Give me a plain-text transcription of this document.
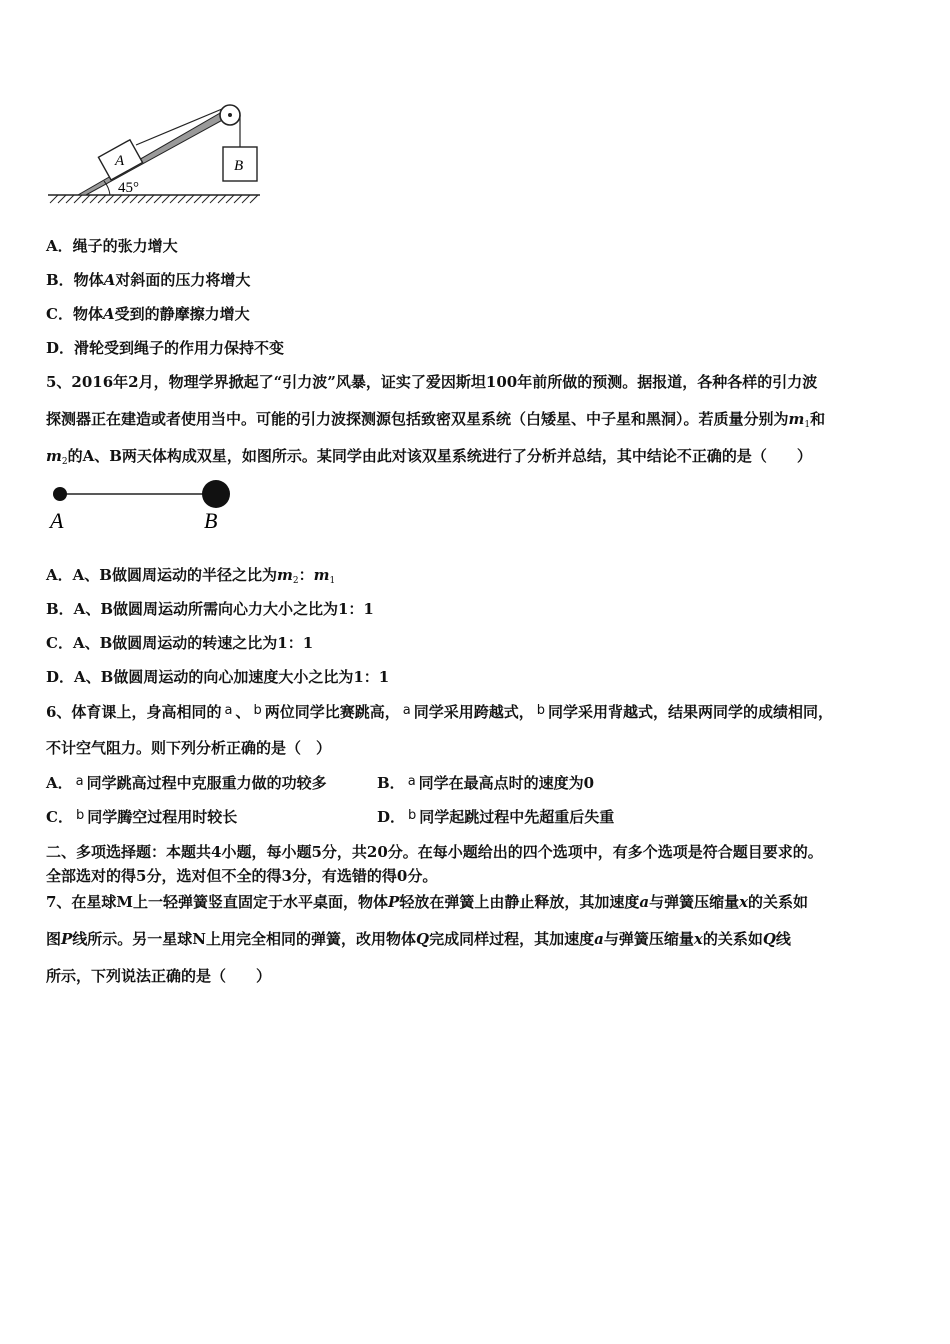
45°
A	B
A．绳子的张力增大
B．物体A对斜面的压力将增大
C．物体A受到的静摩擦力增大
D．滑轮受到绳子的作用力保持不变
5、2016年2月，物理学界掀起了“引力波”风暴，证实了爱因斯坦100年前所做的预测。据报道，各种各样的引力波
探测器正在建造或者使用当中。可能的引力波探测源包括致密双星系统（白矮星、中子星和黑洞）。若质量分别为$m_1$和
$m_2$的A、B两天体构成双星，如图所示。某同学由此对该双星系统进行了分析并总结，其中结论不正确的是（　　）
A	B
A．A、B做圆周运动的半径之比为$m_2$：$m_1$
B．A、B做圆周运动所需向心力大小之比为1：1
C．A、B做圆周运动的转速之比为1：1
D．A、B做圆周运动的向心加速度大小之比为1：1
6、体育课上，身高相同的 a 、 b 两位同学比赛跳高， a 同学采用跨越式， b 同学采用背越式，结果两同学的成绩相同，
不计空气阻力。则下列分析正确的是（　）
A． a 同学跳高过程中克服重力做的功较多	B． a 同学在最高点时的速度为0
C． b 同学腾空过程用时较长	D． b 同学起跳过程中先超重后失重
二、多项选择题：本题共4小题，每小题5分，共20分。在每小题给出的四个选项中，有多个选项是符合题目要求的。
全部选对的得5分，选对但不全的得3分，有选错的得0分。
7、在星球M上一轻弹簧竖直固定于水平桌面，物体P轻放在弹簧上由静止释放，其加速度a与弹簧压缩量x的关系如
图P线所示。另一星球N上用完全相同的弹簧，改用物体Q完成同样过程，其加速度a与弹簧压缩量x的关系如Q线
所示，下列说法正确的是（　　）
